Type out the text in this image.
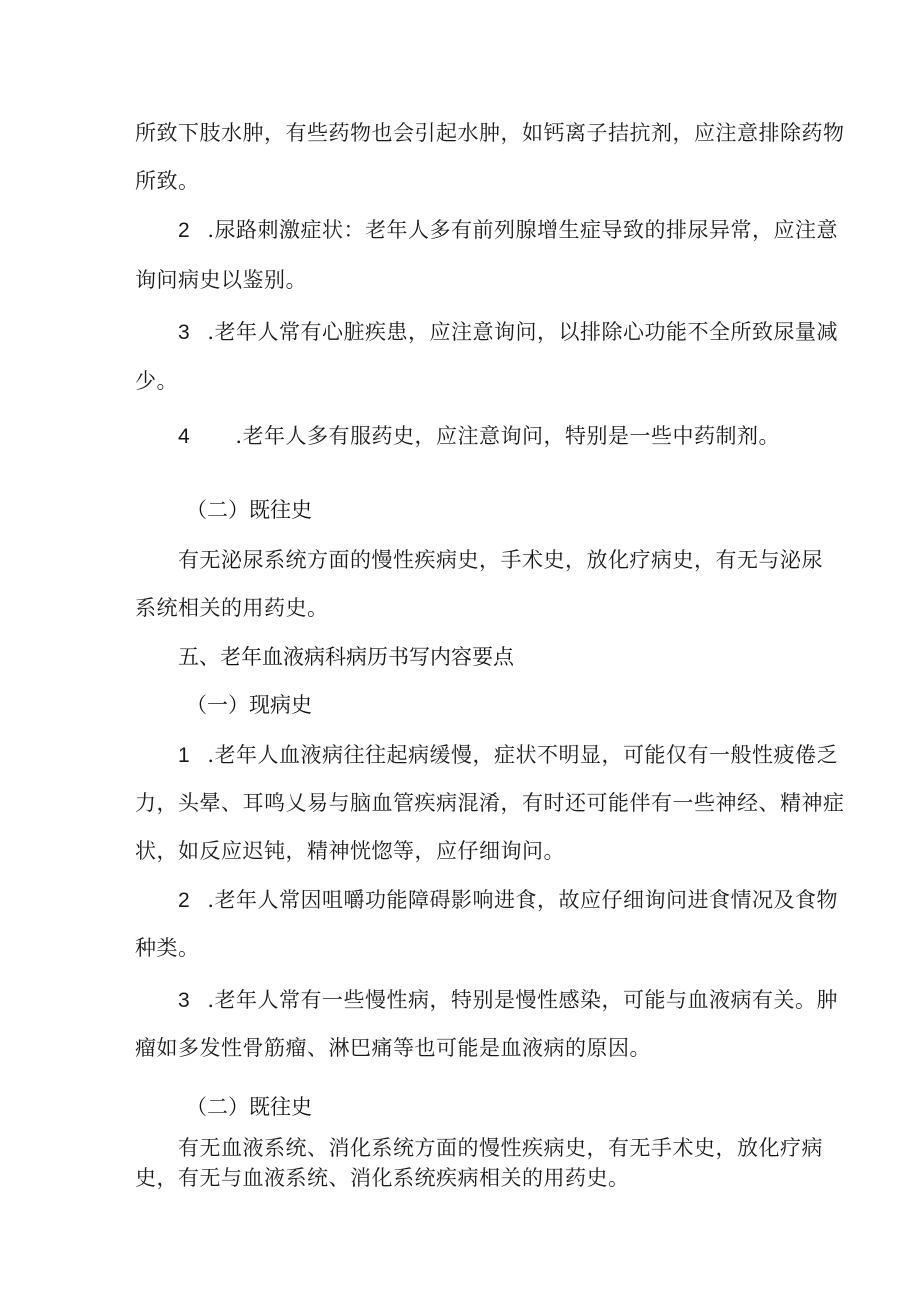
所致下肢水肿，有些药物也会引起水肿，如钙离子拮抗剂，应注意排除药物
所致。
2 .尿路刺激症状：老年人多有前列腺增生症导致的排尿异常，应注意
询问病史以鉴别。
3 .老年人常有心脏疾患，应注意询问，以排除心功能不全所致尿量减
少。
4 .老年人多有服药史，应注意询问，特别是一些中药制剂。
（二）既往史
有无泌尿系统方面的慢性疾病史，手术史，放化疗病史，有无与泌尿
系统相关的用药史。
五、老年血液病科病历书写内容要点
（一）现病史
1 .老年人血液病往往起病缓慢，症状不明显，可能仅有一般性疲倦乏
力，头晕、耳鸣乂易与脑血管疾病混淆，有时还可能伴有一些神经、精神症
状，如反应迟钝，精神恍惚等，应仔细询问。
2 .老年人常因咀嚼功能障碍影响进食，故应仔细询问进食情况及食物
种类。
3 .老年人常有一些慢性病，特别是慢性感染，可能与血液病有关。肿
瘤如多发性骨筋瘤、淋巴痛等也可能是血液病的原因。
（二）既往史
有无血液系统、消化系统方面的慢性疾病史，有无手术史，放化疗病
史，有无与血液系统、消化系统疾病相关的用药史。
